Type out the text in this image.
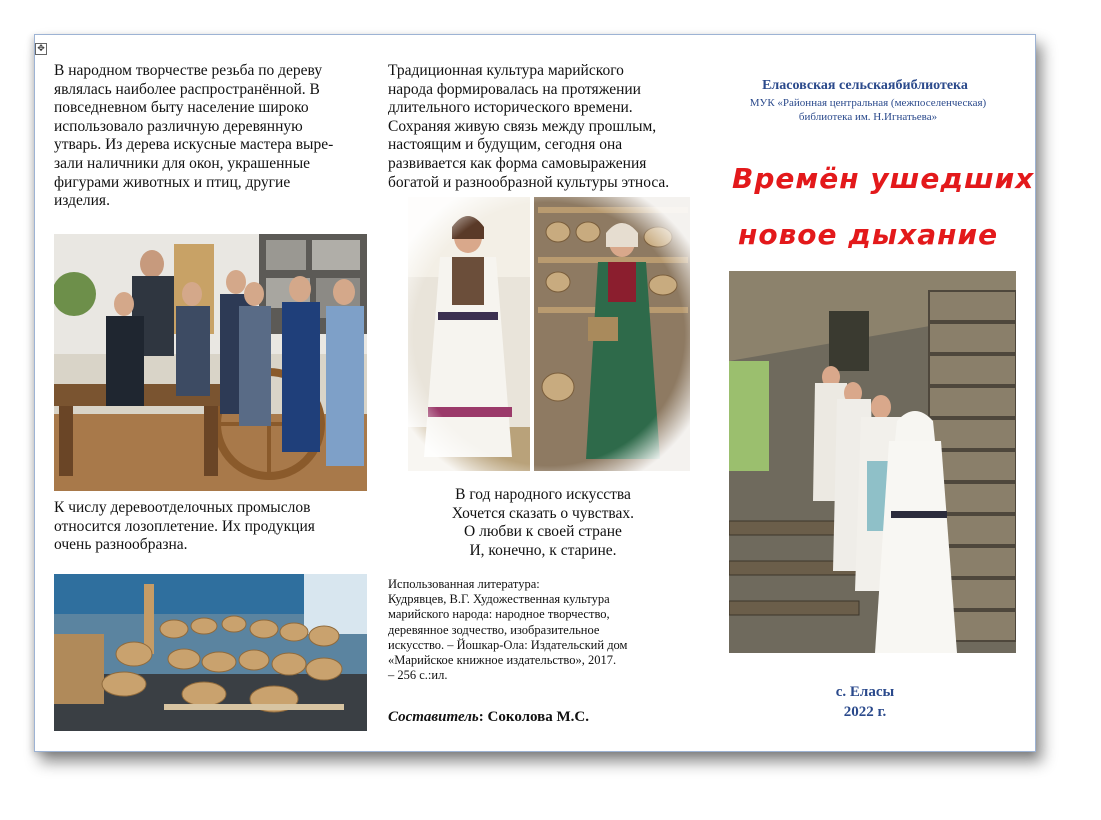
✥
В народном творчестве резьба по дереву
являлась наиболее распространённой. В
повседневном быту население широко
использовало различную деревянную
утварь. Из дерева искусные мастера выре-
зали наличники для окон, украшенные
фигурами животных и птиц, другие
изделия.
К числу деревоотделочных промыслов
относится лозоплетение. Их продукция
очень разнообразна.
Традиционная культура марийского
народа формировалась на протяжении
длительного исторического времени.
Сохраняя живую связь между прошлым,
настоящим и будущим, сегодня она
развивается как форма самовыражения
богатой и разнообразной культуры этноса.
В год народного искусства
Хочется сказать о чувствах.
О любви к своей стране
И, конечно, к старине.
Использованная литература:
Кудрявцев, В.Г. Художественная культура
марийского народа: народное творчество,
деревянное зодчество, изобразительное
искусство. – Йошкар-Ола: Издательский дом
«Марийское книжное издательство», 2017.
– 256 с.:ил.
Составитель: Соколова М.С.
Еласовская сельскаябиблиотека
МУК «Районная центральная (межпоселенческая)
библиотека им. Н.Игнатьева»
Времён ушедших
новое дыхание
с. Еласы
2022 г.
